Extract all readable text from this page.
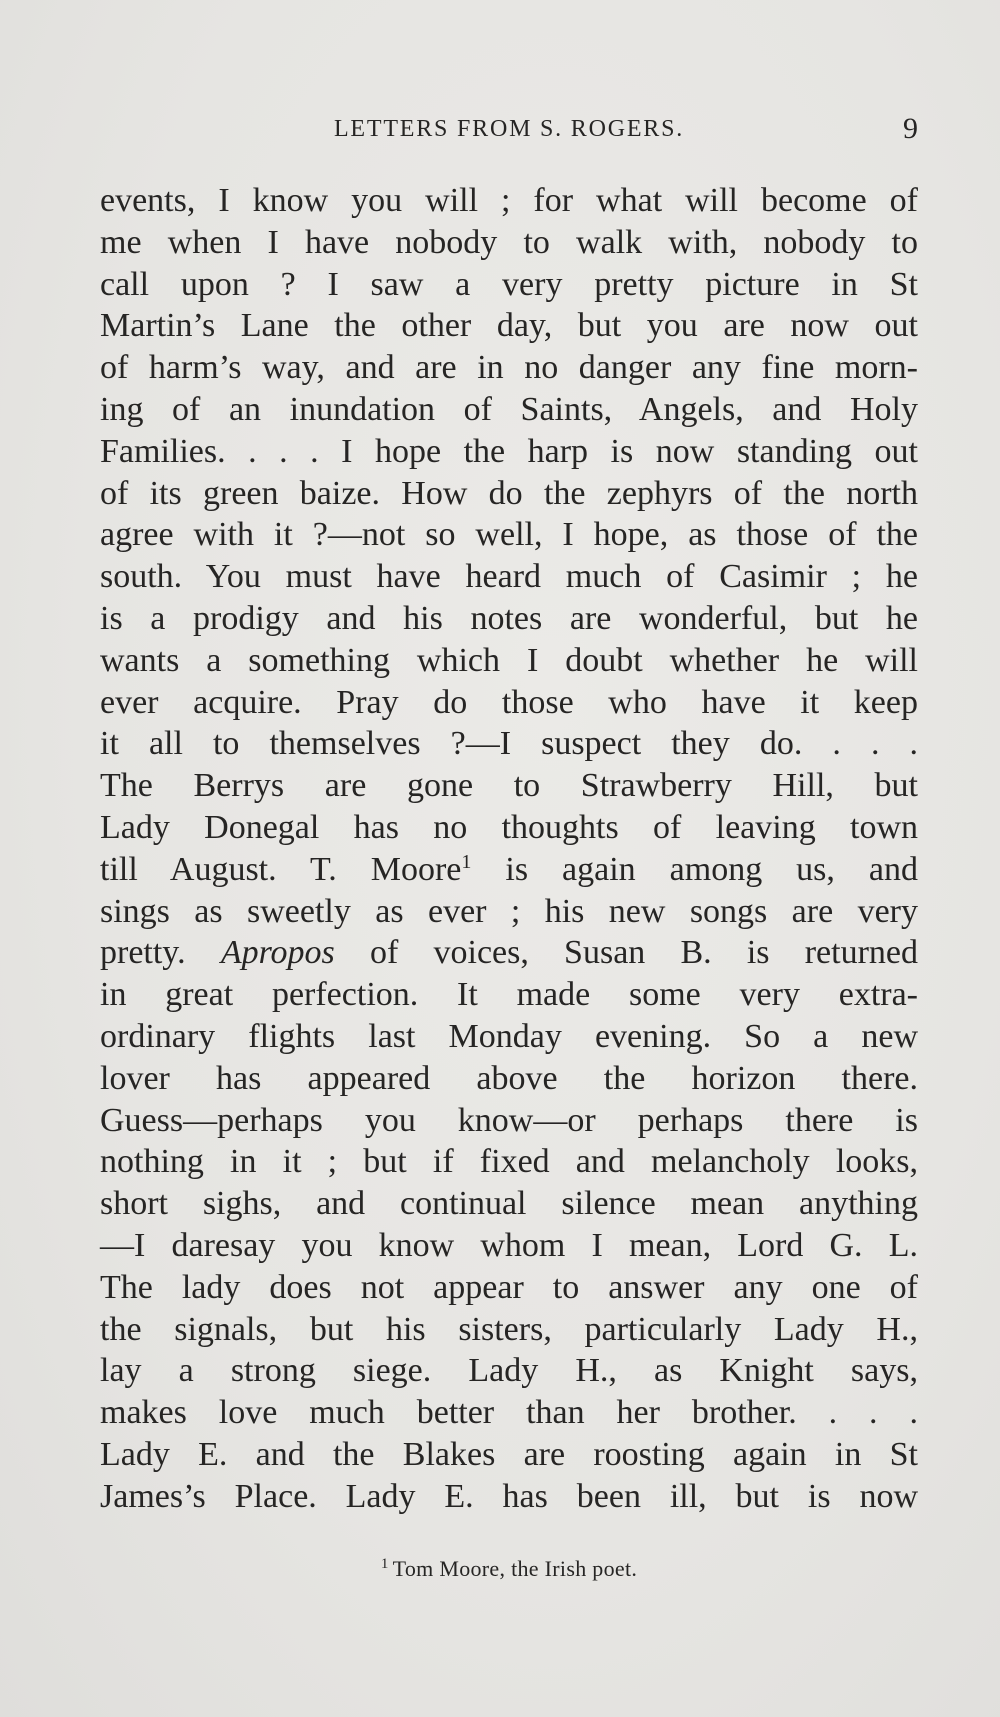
LETTERS FROM S. ROGERS.	9
events, I know you will ; for what will become of
me when I have nobody to walk with, nobody to
call upon ? I saw a very pretty picture in St
Martin’s Lane the other day, but you are now out
of harm’s way, and are in no danger any fine morn-
ing of an inundation of Saints, Angels, and Holy
Families. . . . I hope the harp is now standing out
of its green baize. How do the zephyrs of the north
agree with it ?—not so well, I hope, as those of the
south. You must have heard much of Casimir ; he
is a prodigy and his notes are wonderful, but he
wants a something which I doubt whether he will
ever acquire. Pray do those who have it keep
it all to themselves ?—I suspect they do. . . .
The Berrys are gone to Strawberry Hill, but
Lady Donegal has no thoughts of leaving town
till August. T. Moore$^1$ is again among us, and
sings as sweetly as ever ; his new songs are very
pretty. Apropos of voices, Susan B. is returned
in great perfection. It made some very extra-
ordinary flights last Monday evening. So a new
lover has appeared above the horizon there.
Guess—perhaps you know—or perhaps there is
nothing in it ; but if fixed and melancholy looks,
short sighs, and continual silence mean anything
—I daresay you know whom I mean, Lord G. L.
The lady does not appear to answer any one of
the signals, but his sisters, particularly Lady H.,
lay a strong siege. Lady H., as Knight says,
makes love much better than her brother. . . .
Lady E. and the Blakes are roosting again in St
James’s Place. Lady E. has been ill, but is now
$^1$ Tom Moore, the Irish poet.
